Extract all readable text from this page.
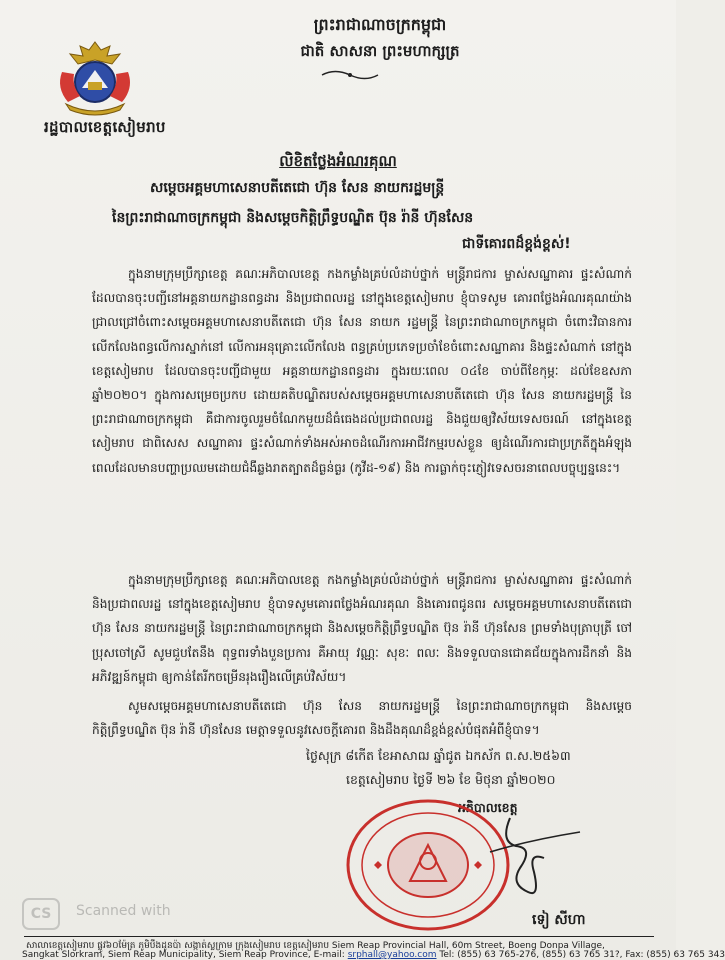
រដ្ឋបាលខេត្តសៀមរាប
ព្រះរាជាណាចក្រកម្ពុជា
ជាតិ សាសនា ព្រះមហាក្សត្រ
លិខិតថ្លែងអំណរគុណ
សម្តេចអគ្គមហាសេនាបតីតេជោ ហ៊ុន សែន នាយករដ្ឋមន្ត្រី
នៃព្រះរាជាណាចក្រកម្ពុជា និងសម្តេចកិត្តិព្រឹទ្ធបណ្ឌិត ប៊ុន រ៉ានី ហ៊ុនសែន
ជាទីគោរពដ៏ខ្ពង់ខ្ពស់!
ក្នុងនាមក្រុមប្រឹក្សាខេត្ត គណៈអភិបាលខេត្ត កងកម្លាំងគ្រប់លំដាប់ថ្នាក់ មន្ត្រីរាជការ ម្ចាស់សណ្ឋាគារ ផ្ទះសំណាក់ ដែលបានចុះបញ្ជីនៅអគ្គនាយកដ្ឋានពន្ធដារ និងប្រជាពលរដ្ឋ នៅក្នុងខេត្តសៀមរាប ខ្ញុំបាទសូម គោរពថ្លែងអំណរគុណយ៉ាងជ្រាលជ្រៅចំពោះសម្តេចអគ្គមហាសេនាបតីតេជោ ហ៊ុន សែន នាយក រដ្ឋមន្ត្រី នៃព្រះរាជាណាចក្រកម្ពុជា ចំពោះវិធានការលើកលែងពន្ធលើការស្នាក់នៅ លើការអនុគ្រោះលើកលែង ពន្ធគ្រប់ប្រភេទប្រចាំខែចំពោះសណ្ឋាគារ និងផ្ទះសំណាក់ នៅក្នុងខេត្តសៀមរាប ដែលបានចុះបញ្ជីជាមួយ អគ្គនាយកដ្ឋានពន្ធដារ ក្នុងរយៈពេល ០៤ខែ ចាប់ពីខែកុម្ភៈ ដល់ខែឧសភា ឆ្នាំ២០២០។ ក្នុងការសម្រេចប្រកប ដោយគតិបណ្ឌិតរបស់សម្តេចអគ្គមហាសេនាបតីតេជោ ហ៊ុន សែន នាយករដ្ឋមន្ត្រី នៃ ព្រះរាជាណាចក្រកម្ពុជា គឺជាការចូលរួមចំណែកមួយដ៏ធំធេងដល់ប្រជាពលរដ្ឋ និងជួយឲ្យវិស័យទេសចរណ៍ នៅក្នុងខេត្តសៀមរាប ជាពិសេស សណ្ឋាគារ ផ្ទះសំណាក់ទាំងអស់អាចដំណើរការអាជីវកម្មរបស់ខ្លួន ឲ្យដំណើរការជាប្រក្រតីក្នុងអំឡុងពេលដែលមានបញ្ហាប្រឈមដោយជំងឺឆ្លងរាតត្បាតដ៏ធ្ងន់ធ្ងរ (កូវីដ-១៩) និង ការធ្លាក់ចុះភ្ញៀវទេសចរនាពេលបច្ចុប្បន្ននេះ។
ក្នុងនាមក្រុមប្រឹក្សាខេត្ត គណៈអភិបាលខេត្ត កងកម្លាំងគ្រប់លំដាប់ថ្នាក់ មន្ត្រីរាជការ ម្ចាស់សណ្ឋាគារ ផ្ទះសំណាក់ និងប្រជាពលរដ្ឋ នៅក្នុងខេត្តសៀមរាប ខ្ញុំបាទសូមគោរពថ្លែងអំណរគុណ និងគោរពជូនពរ សម្តេចអគ្គមហាសេនាបតីតេជោ ហ៊ុន សែន នាយករដ្ឋមន្ត្រី នៃព្រះរាជាណាចក្រកម្ពុជា និងសម្តេចកិត្តិព្រឹទ្ធបណ្ឌិត ប៊ុន រ៉ានី ហ៊ុនសែន ព្រមទាំងបុត្រាបុត្រី ចៅប្រុសចៅស្រី សូមជួបតែនឹង ពុទ្ធពរទាំងបួនប្រការ គឺអាយុ វណ្ណៈ សុខៈ ពលៈ និងទទួលបានជោគជ័យក្នុងការដឹកនាំ និងអភិវឌ្ឍន៍កម្ពុជា ឲ្យកាន់តែរីកចម្រើនរុងរឿងលើគ្រប់វិស័យ។
សូមសម្តេចអគ្គមហាសេនាបតីតេជោ ហ៊ុន សែន នាយករដ្ឋមន្ត្រី នៃព្រះរាជាណាចក្រកម្ពុជា និងសម្តេចកិត្តិព្រឹទ្ធបណ្ឌិត ប៊ុន រ៉ានី ហ៊ុនសែន មេត្តាទទួលនូវសេចក្តីគោរព និងដឹងគុណដ៏ខ្ពង់ខ្ពស់បំផុតអំពីខ្ញុំបាទ។
ថ្ងៃសុក្រ ៨កើត ខែអាសាឍ ឆ្នាំជូត ឯកស័ក ព.ស.២៥៦៣
ខេត្តសៀមរាប ថ្ងៃទី ២៦ ខែ មិថុនា ឆ្នាំ២០២០
អភិបាលខេត្ត
ទៀ សីហា
CS	Scanned with
សាលាខេត្តសៀមរាប ផ្លូវ៦០ម៉ែត្រ ភូមិបឹងដូនប៉ា សង្កាត់ស្លក្រាម ក្រុងសៀមរាប ខេត្តសៀមរាប Siem Reap Provincial Hall, 60m Street, Boeng Donpa Village,
Sangkat Slorkram, Siem Reap Municipality, Siem Reap Province, E-mail: srphall@yahoo.com Tel: (855) 63 765-276, (855) 63 765 31?, Fax: (855) 63 765 343
